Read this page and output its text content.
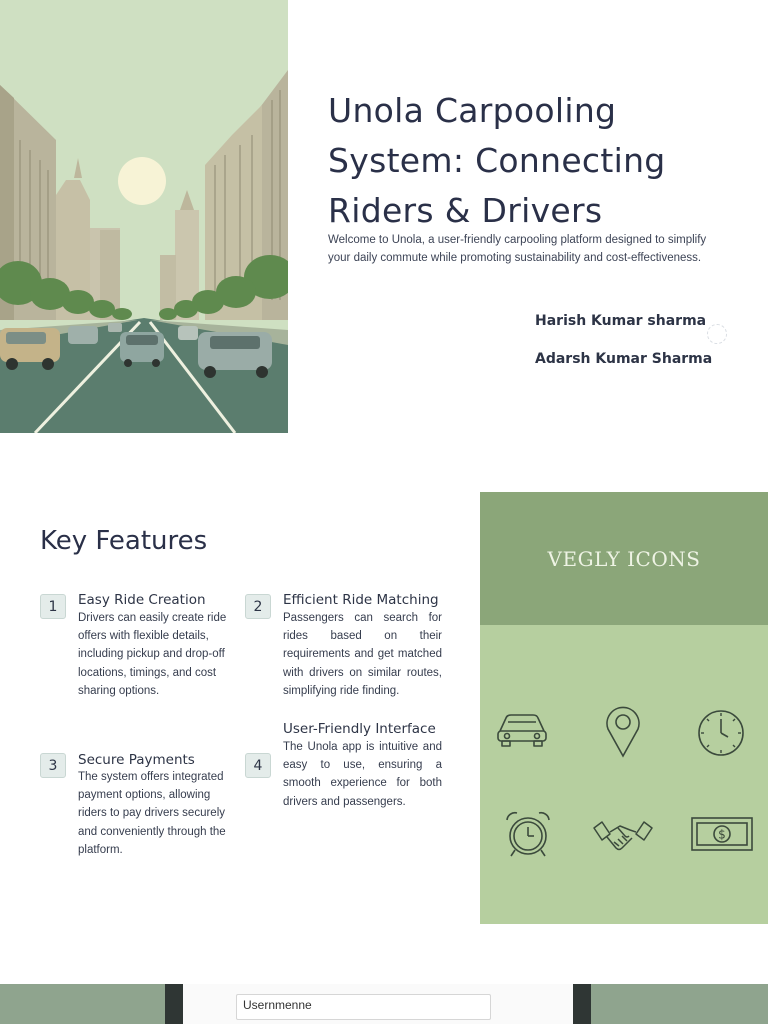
Unola Carpooling System: Connecting Riders & Drivers

Welcome to Unola, a user-friendly carpooling platform designed to simplify your daily commute while promoting sustainability and cost-effectiveness.

Harish Kumar sharma
Adarsh Kumar Sharma
Key Features
1	Easy Ride Creation
Drivers can easily create ride offers with flexible details, including pickup and drop-off locations, timings, and cost sharing options.
2	Efficient Ride Matching
Passengers can search for rides based on their requirements and get matched with drivers on similar routes, simplifying ride finding.
User-Friendly Interface
The Unola app is intuitive and easy to use, ensuring a smooth experience for both drivers and passengers.
3	Secure Payments
The system offers integrated payment options, allowing riders to pay drivers securely and conveniently through the platform.
4
VEGLY ICONS
$
Usernmenne
